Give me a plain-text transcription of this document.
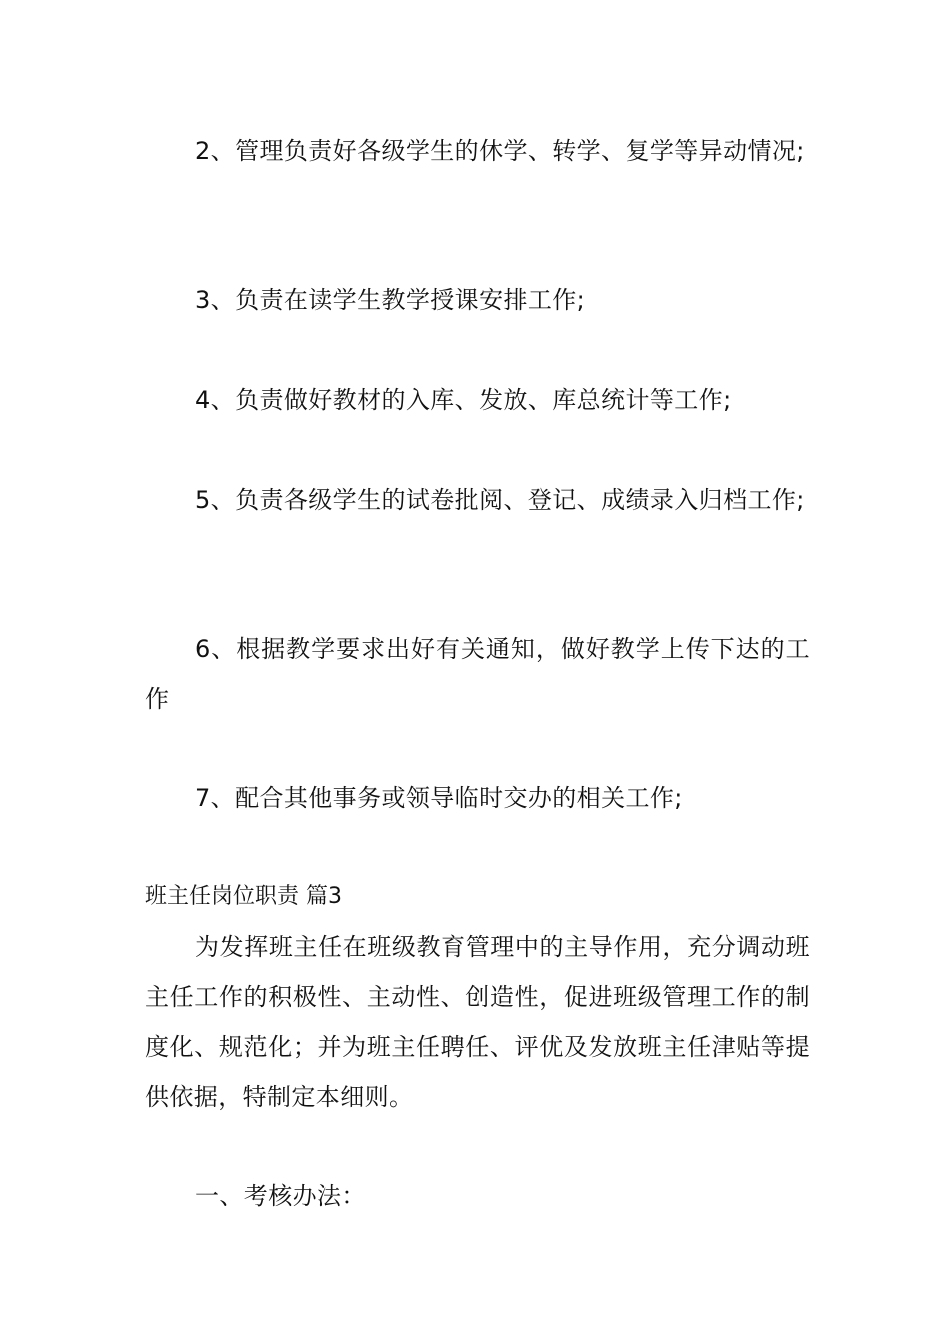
2、管理负责好各级学生的休学、转学、复学等异动情况;

3、负责在读学生教学授课安排工作;

4、负责做好教材的入库、发放、库总统计等工作;

5、负责各级学生的试卷批阅、登记、成绩录入归档工作;

6、根据教学要求出好有关通知，做好教学上传下达的工作

7、配合其他事务或领导临时交办的相关工作;

班主任岗位职责 篇3

为发挥班主任在班级教育管理中的主导作用，充分调动班主任工作的积极性、主动性、创造性，促进班级管理工作的制度化、规范化；并为班主任聘任、评优及发放班主任津贴等提供依据，特制定本细则。

一、考核办法：
